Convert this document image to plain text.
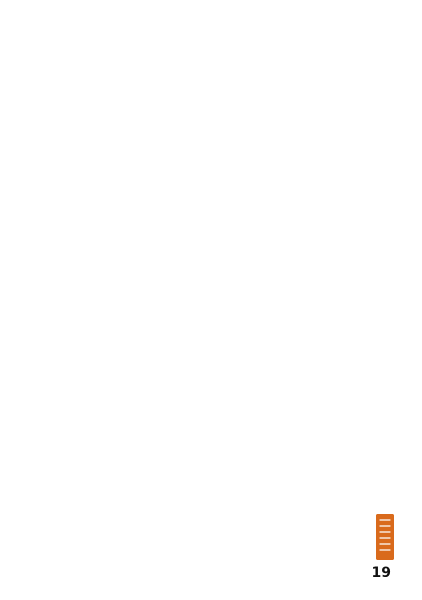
19
